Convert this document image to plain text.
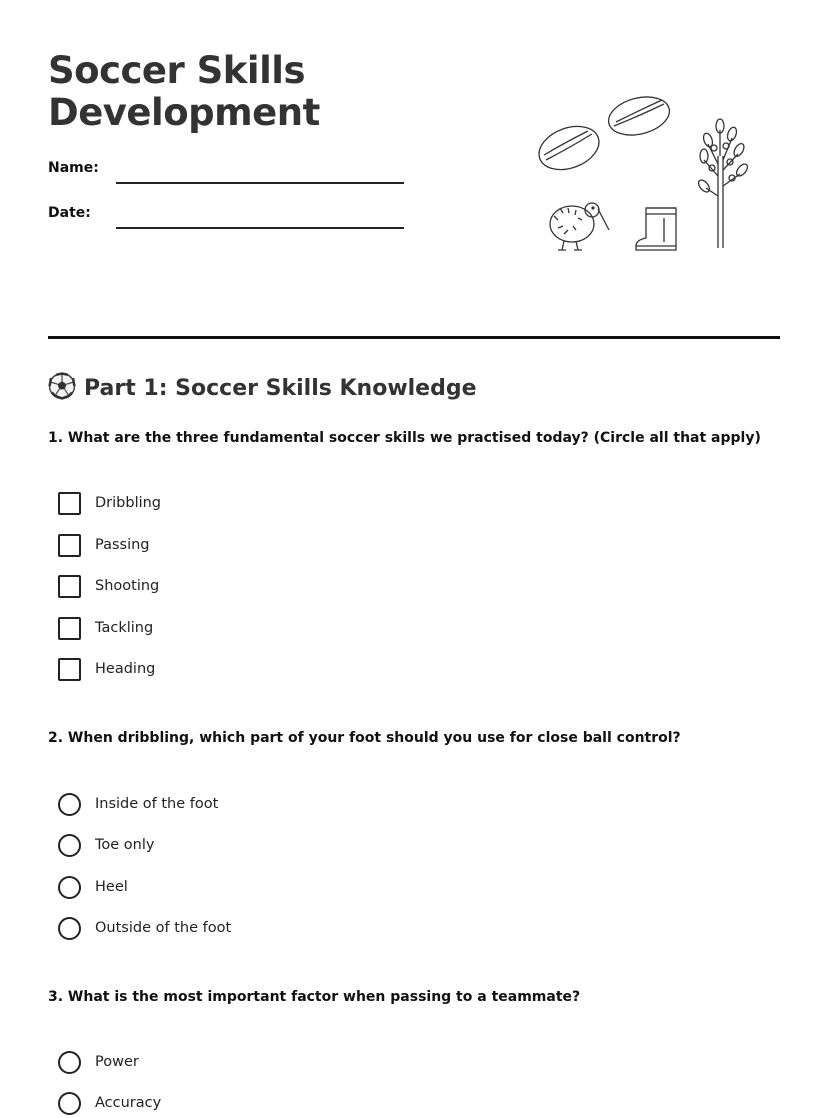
Soccer Skills Development
Name:
Date:
Part 1: Soccer Skills Knowledge

1. What are the three fundamental soccer skills we practised today? (Circle all that apply)

Dribbling
Passing
Shooting
Tackling
Heading

2. When dribbling, which part of your foot should you use for close ball control?

Inside of the foot
Toe only
Heel
Outside of the foot

3. What is the most important factor when passing to a teammate?

Power
Accuracy
